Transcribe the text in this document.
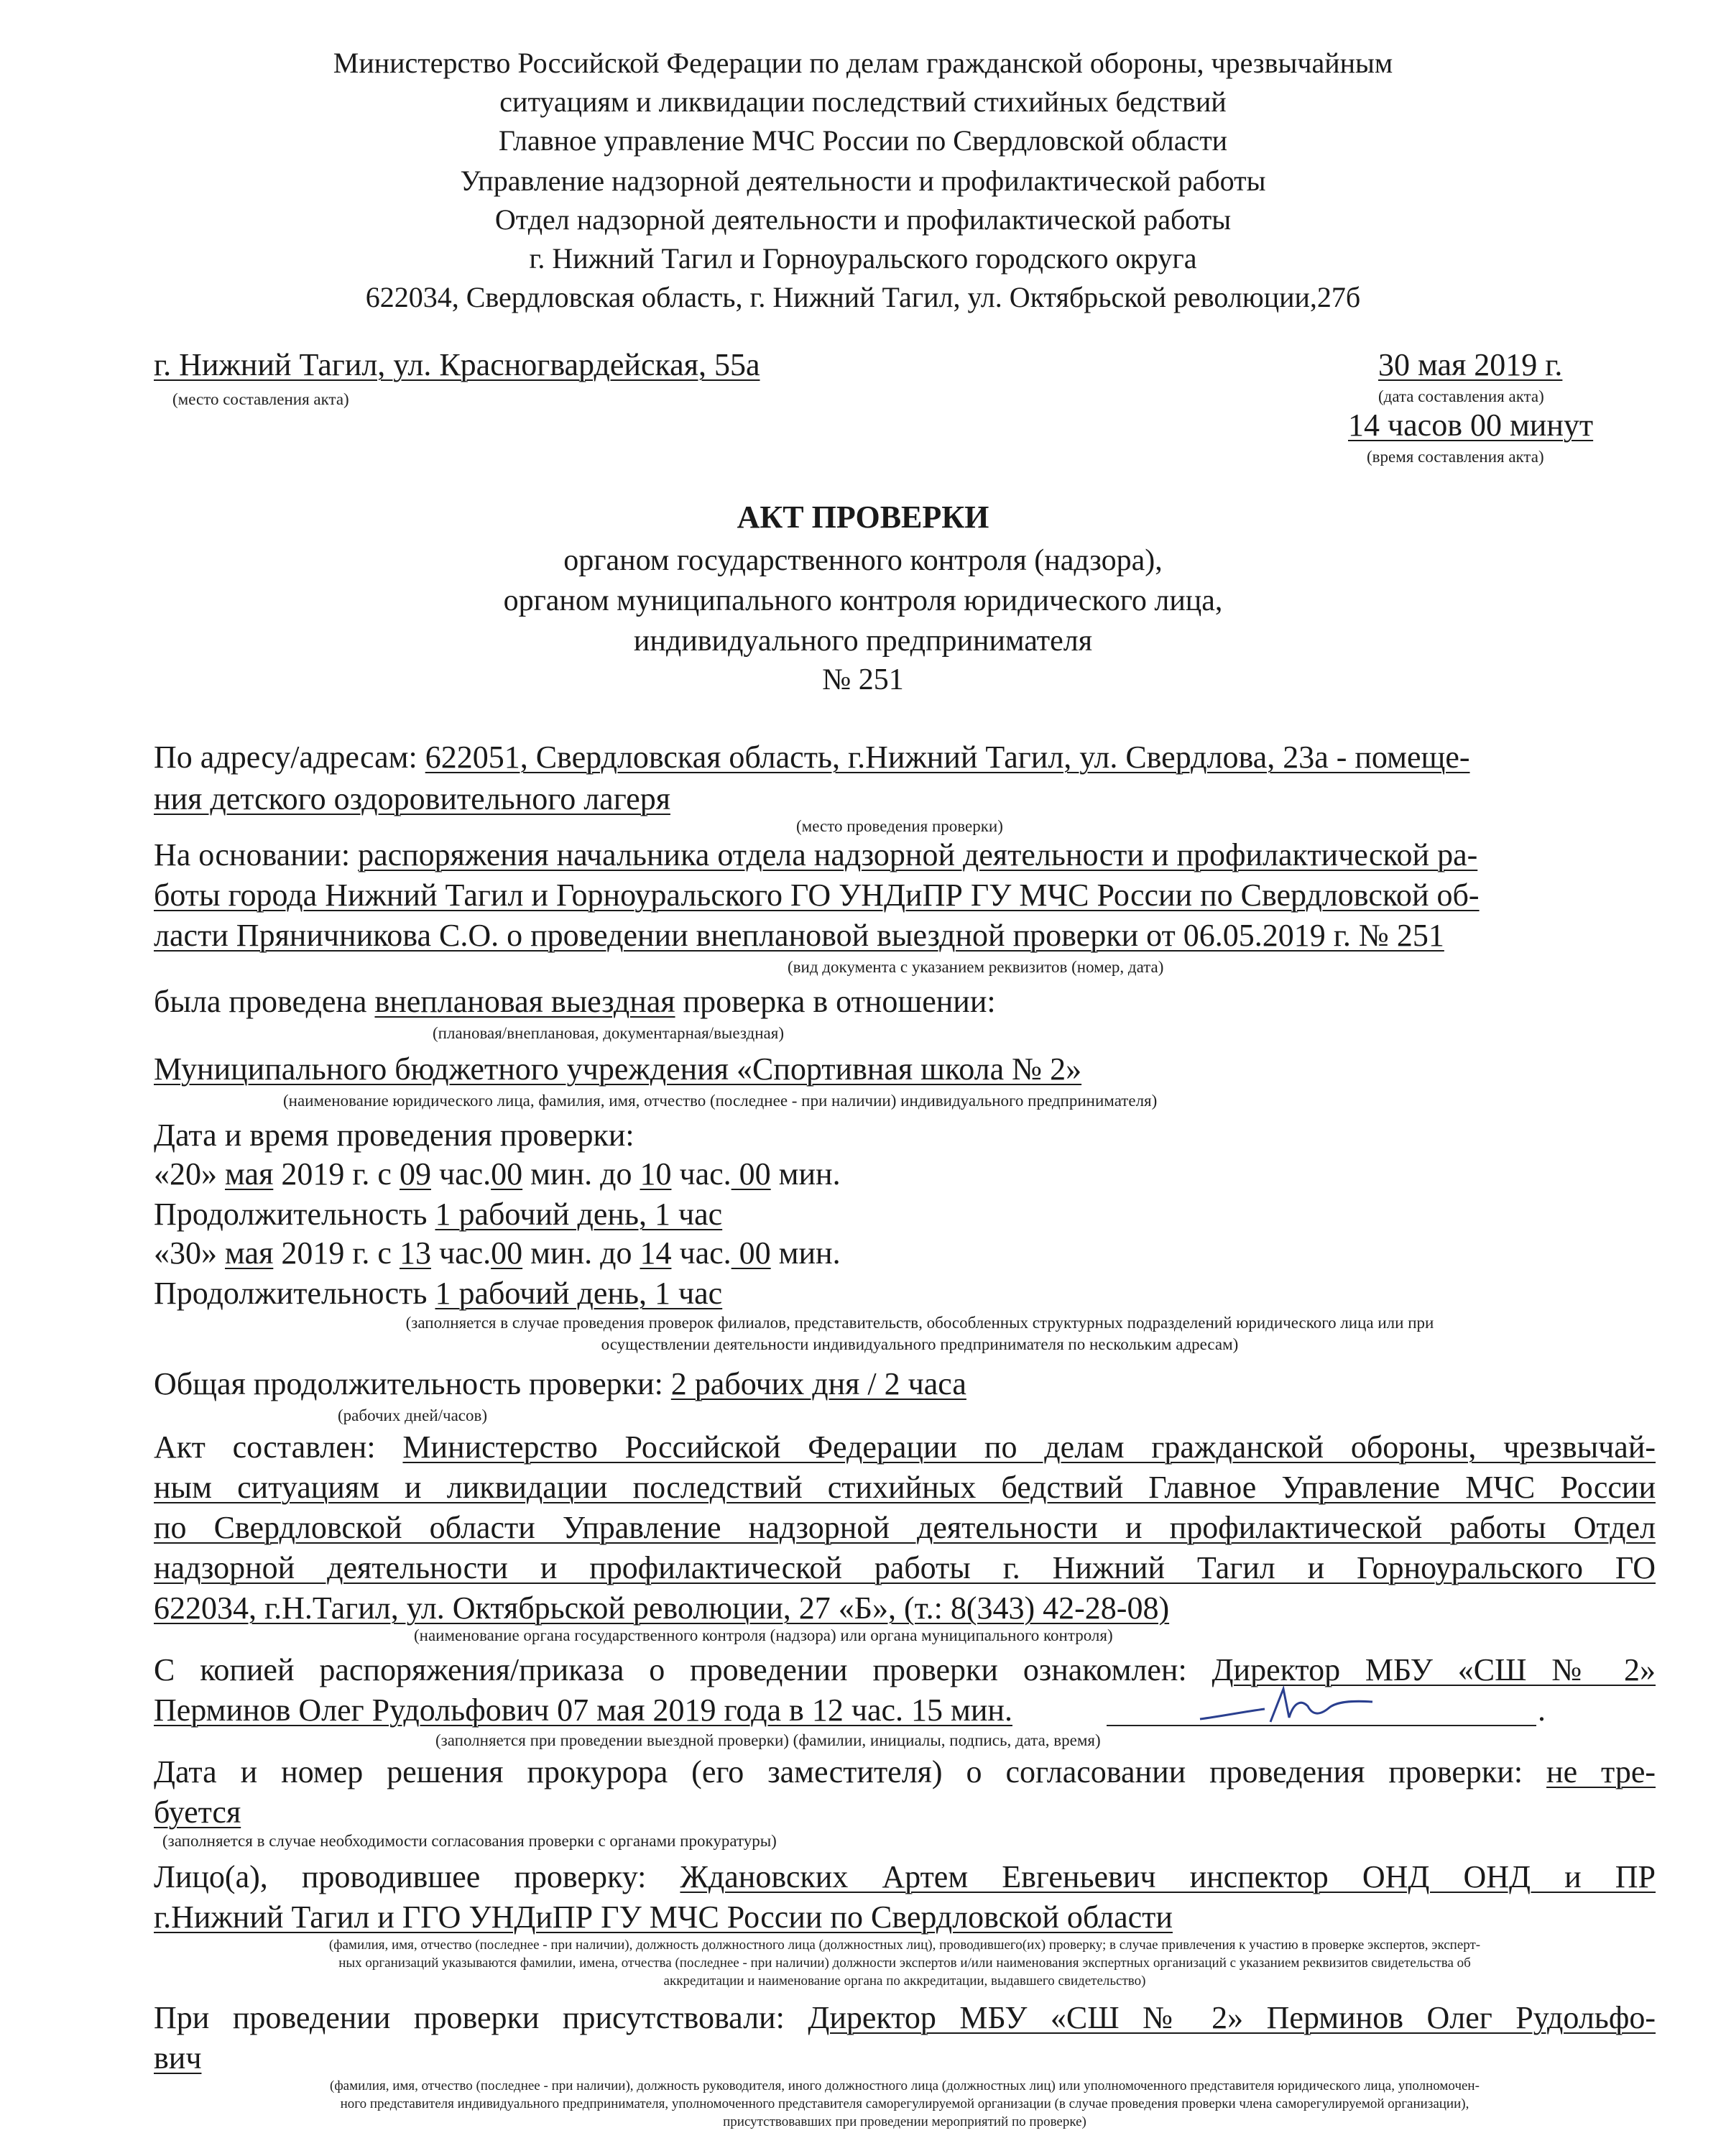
Министерство Российской Федерации по делам гражданской обороны, чрезвычайным
ситуациям и ликвидации последствий стихийных бедствий
Главное управление МЧС России по Свердловской области
Управление надзорной деятельности и профилактической работы
Отдел надзорной деятельности и профилактической работы
г. Нижний Тагил и Горноуральского городского округа
622034, Свердловская область, г. Нижний Тагил, ул. Октябрьской революции,27б
г. Нижний Тагил, ул. Красногвардейская, 55а
(место составления акта)
30 мая 2019 г.
(дата составления акта)
14 часов 00 минут
(время составления акта)
АКТ ПРОВЕРКИ
органом государственного контроля (надзора),
органом муниципального контроля юридического лица,
индивидуального предпринимателя
№ 251
По адресу/адресам: 622051, Свердловская область, г.Нижний Тагил, ул. Свердлова, 23а - помеще-
ния детского оздоровительного лагеря
(место проведения проверки)
На основании: распоряжения начальника отдела надзорной деятельности и профилактической ра-
боты города Нижний Тагил и Горноуральского ГО УНДиПР ГУ МЧС России по Свердловской об-
ласти Пряничникова С.О. о проведении внеплановой выездной проверки от 06.05.2019 г. № 251
(вид документа с указанием реквизитов (номер, дата)
была проведена внеплановая выездная проверка в отношении:
(плановая/внеплановая, документарная/выездная)
Муниципального бюджетного учреждения «Спортивная школа № 2»
(наименование юридического лица, фамилия, имя, отчество (последнее - при наличии) индивидуального предпринимателя)
Дата и время проведения проверки:
«20» мая 2019 г. с 09 час.00 мин. до 10 час. 00 мин.
Продолжительность 1 рабочий день, 1 час
«30» мая 2019 г. с 13 час.00 мин. до 14 час. 00 мин.
Продолжительность 1 рабочий день, 1 час
(заполняется в случае проведения проверок филиалов, представительств, обособленных структурных подразделений юридического лица или при
осуществлении деятельности индивидуального предпринимателя по нескольким адресам)
Общая продолжительность проверки: 2 рабочих дня / 2 часа
(рабочих дней/часов)
Акт составлен: Министерство Российской Федерации по делам гражданской обороны, чрезвычай-
ным ситуациям и ликвидации последствий стихийных бедствий Главное Управление МЧС России
по Свердловской области Управление надзорной деятельности и профилактической работы Отдел
надзорной деятельности и профилактической работы г. Нижний Тагил и Горноуральского ГО
622034, г.Н.Тагил, ул. Октябрьской революции, 27 «Б», (т.: 8(343) 42-28-08)
(наименование органа государственного контроля (надзора) или органа муниципального контроля)
С копией распоряжения/приказа о проведении проверки ознакомлен: Директор МБУ «СШ № 2»
Перминов Олег Рудольфович 07 мая 2019 года в 12 час. 15 мин.	.
(заполняется при проведении выездной проверки) (фамилии, инициалы, подпись, дата, время)
Дата и номер решения прокурора (его заместителя) о согласовании проведения проверки: не тре-
буется
(заполняется в случае необходимости согласования проверки с органами прокуратуры)
Лицо(а), проводившее проверку: Ждановских Артем Евгеньевич инспектор ОНД ОНД и ПР
г.Нижний Тагил и ГГО УНДиПР ГУ МЧС России по Свердловской области
(фамилия, имя, отчество (последнее - при наличии), должность должностного лица (должностных лиц), проводившего(их) проверку; в случае привлечения к участию в проверке экспертов, эксперт-
ных организаций указываются фамилии, имена, отчества (последнее - при наличии) должности экспертов и/или наименования экспертных организаций с указанием реквизитов свидетельства об
аккредитации и наименование органа по аккредитации, выдавшего свидетельство)
При проведении проверки присутствовали: Директор МБУ «СШ № 2» Перминов Олег Рудольфо-
вич
(фамилия, имя, отчество (последнее - при наличии), должность руководителя, иного должностного лица (должностных лиц) или уполномоченного представителя юридического лица, уполномочен-
ного представителя индивидуального предпринимателя, уполномоченного представителя саморегулируемой организации (в случае проведения проверки члена саморегулируемой организации),
присутствовавших при проведении мероприятий по проверке)
